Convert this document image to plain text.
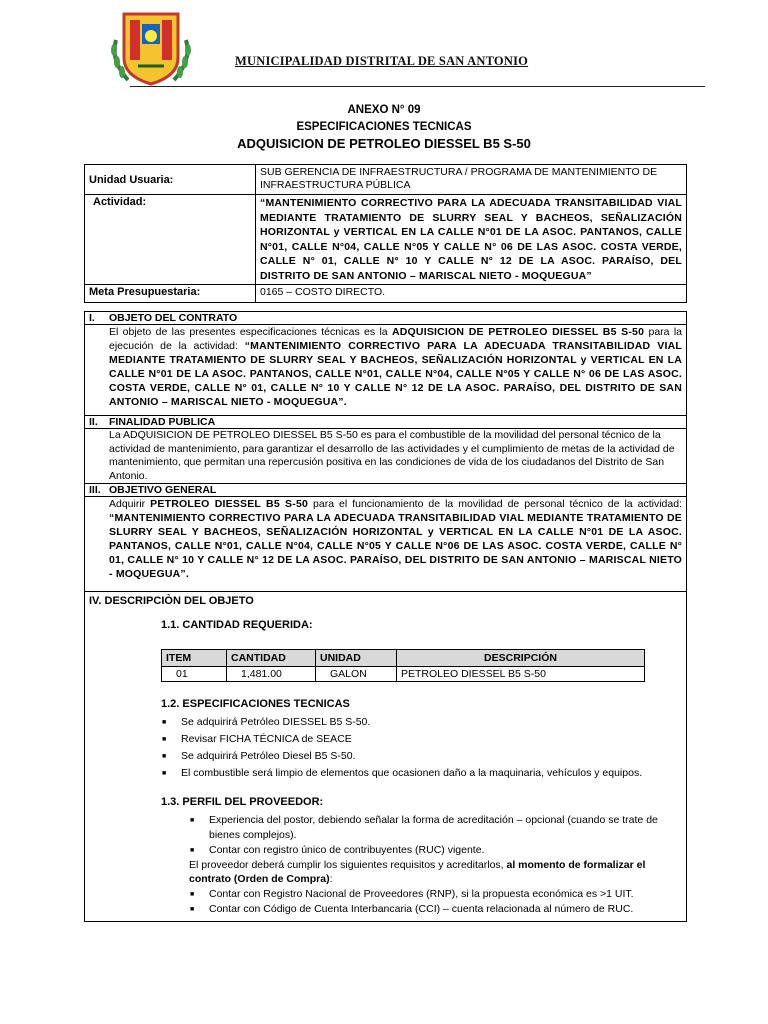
MUNICIPALIDAD DISTRITAL DE SAN ANTONIO
ANEXO N° 09
ESPECIFICACIONES TECNICAS
ADQUISICION DE PETROLEO DIESSEL B5 S-50
Unidad Usuaria:	SUB GERENCIA DE INFRAESTRUCTURA / PROGRAMA DE MANTENIMIENTO DE INFRAESTRUCTURA PÚBLICA
Actividad:	“MANTENIMIENTO CORRECTIVO PARA LA ADECUADA TRANSITABILIDAD VIAL MEDIANTE TRATAMIENTO DE SLURRY SEAL Y BACHEOS, SEÑALIZACIÓN HORIZONTAL y VERTICAL EN LA CALLE N°01 DE LA ASOC. PANTANOS, CALLE N°01, CALLE N°04, CALLE N°05 Y CALLE N° 06 DE LAS ASOC. COSTA VERDE, CALLE N° 01, CALLE N° 10 Y CALLE N° 12 DE LA ASOC. PARAÍSO, DEL DISTRITO DE SAN ANTONIO – MARISCAL NIETO - MOQUEGUA”
Meta Presupuestaria:	0165 – COSTO DIRECTO.
I.	OBJETO DEL CONTRATO
	El objeto de las presentes especificaciones técnicas es la ADQUISICION DE PETROLEO DIESSEL B5 S-50 para la ejecución de la actividad: “MANTENIMIENTO CORRECTIVO PARA LA ADECUADA TRANSITABILIDAD VIAL MEDIANTE TRATAMIENTO DE SLURRY SEAL Y BACHEOS, SEÑALIZACIÓN HORIZONTAL y VERTICAL EN LA CALLE N°01 DE LA ASOC. PANTANOS, CALLE N°01, CALLE N°04, CALLE N°05 Y CALLE N° 06 DE LAS ASOC. COSTA VERDE, CALLE N° 01, CALLE N° 10 Y CALLE N° 12 DE LA ASOC. PARAÍSO, DEL DISTRITO DE SAN ANTONIO – MARISCAL NIETO - MOQUEGUA”.

II.	FINALIDAD PUBLICA
	La ADQUISICION DE PETROLEO DIESSEL B5 S-50 es para el combustible de la movilidad del personal técnico de la actividad de mantenimiento, para garantizar el desarrollo de las actividades y el cumplimiento de metas de la actividad de mantenimiento, que permitan una repercusión positiva en las condiciones de vida de los ciudadanos del Distrito de San Antonio.
III.	OBJETIVO GENERAL
	Adquirir PETROLEO DIESSEL B5 S-50 para el funcionamiento de la movilidad de personal técnico de la actividad: “MANTENIMIENTO CORRECTIVO PARA LA ADECUADA TRANSITABILIDAD VIAL MEDIANTE TRATAMIENTO DE SLURRY SEAL Y BACHEOS, SEÑALIZACIÓN HORIZONTAL y VERTICAL EN LA CALLE N°01 DE LA ASOC. PANTANOS, CALLE N°01, CALLE N°04, CALLE N°05 Y CALLE N°06 DE LAS ASOC. COSTA VERDE, CALLE N° 01, CALLE N° 10 Y CALLE N° 12 DE LA ASOC. PARAÍSO, DEL DISTRITO DE SAN ANTONIO – MARISCAL NIETO - MOQUEGUA”.

IV. DESCRIPCIÒN DEL OBJETO
1.1. CANTIDAD REQUERIDA:
ITEM	CANTIDAD	UNIDAD	DESCRIPCIÓN
01	1,481.00	GALON	PETROLEO DIESSEL B5 S-50
1.2. ESPECIFICACIONES TECNICAS
■ Se adquirirá Petróleo DIESSEL B5 S-50.
■ Revisar FICHA TÉCNICA de SEACE
■ Se adquirirá Petróleo Diesel B5 S-50.
■ El combustible será limpio de elementos que ocasionen daño a la maquinaria, vehículos y equipos.
1.3. PERFIL DEL PROVEEDOR:
■ Experiencia del postor, debiendo señalar la forma de acreditación – opcional (cuando se trate de bienes complejos).
■ Contar con registro único de contribuyentes (RUC) vigente.
El proveedor deberá cumplir los siguientes requisitos y acreditarlos, al momento de formalizar el contrato (Orden de Compra):
■ Contar con Registro Nacional de Proveedores (RNP), si la propuesta económica es >1 UIT.
■ Contar con Código de Cuenta Interbancaria (CCI) – cuenta relacionada al número de RUC.
